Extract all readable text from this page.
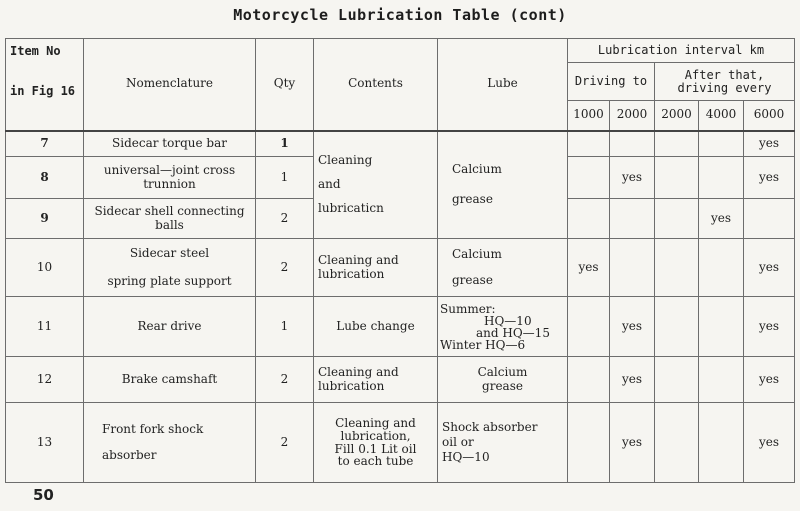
Motorcycle Lubrication Table (cont)
Item No
in Fig 16	Nomenclature	Qty	Contents	Lube	Lubrication interval km				
					Driving to		After that, driving every		
					1000	2000	2000	4000	6000
7	Sidecar torque bar	1	Cleaning
and
lubricaticn	Calcium
grease					yes
8	universal—joint cross trunnion	1				yes			yes
9	Sidecar shell connecting balls	2						yes	
10	Sidecar steel
spring plate support	2	Cleaning and lubrication	Calcium
grease	yes				yes
11	Rear drive	1	Lube change	Summer:
HQ—10
and HQ—15
Winter HQ—6		yes			yes
12	Brake camshaft	2	Cleaning and
lubrication	Calcium
grease		yes			yes
13	Front fork shock
absorber	2	Cleaning and
lubrication,
Fill 0.1 Lit oil
to each tube	Shock absorber
oil or
HQ—10		yes			yes
50
